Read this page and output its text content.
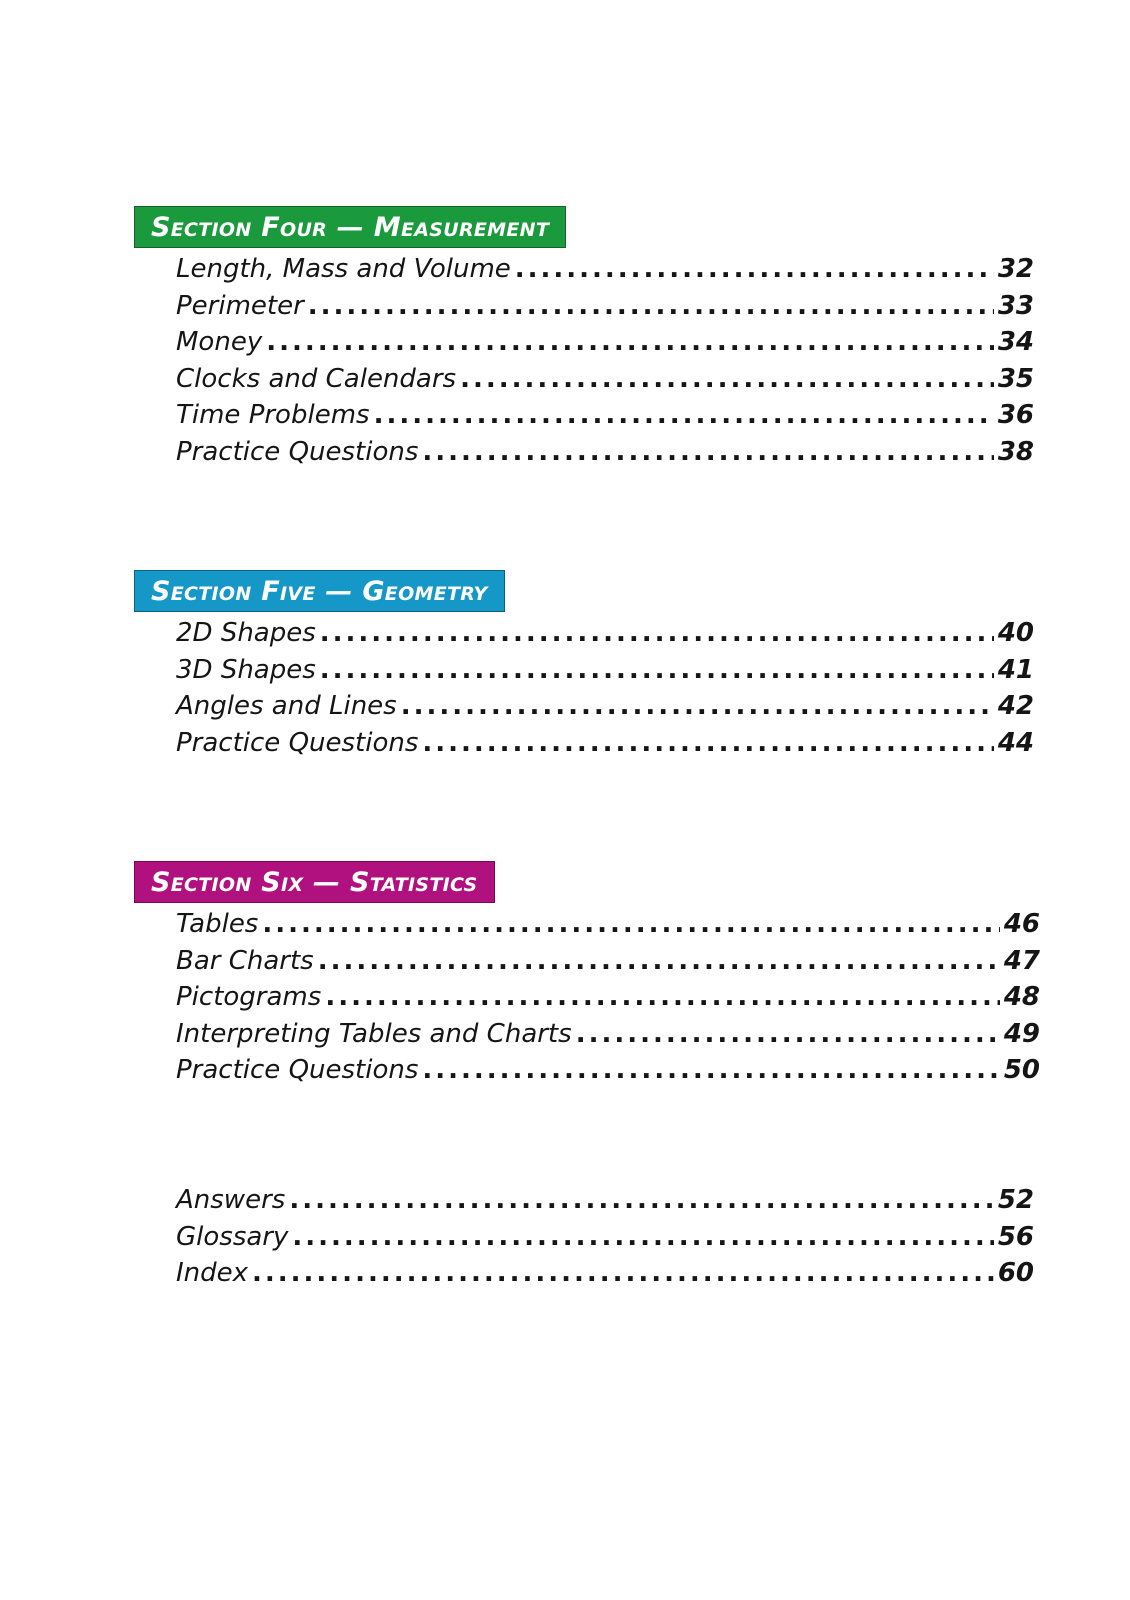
Section Four — Measurement
Length, Mass and Volume .....	32
Perimeter .....	33
Money .....	34
Clocks and Calendars .....	35
Time Problems .....	36
Practice Questions .....	38
Section Five — Geometry
2D Shapes .....	40
3D Shapes .....	41
Angles and Lines .....	42
Practice Questions .....	44
Section Six — Statistics
Tables .....	46
Bar Charts .....	47
Pictograms .....	48
Interpreting Tables and Charts .....	49
Practice Questions .....	50
Answers .....	52
Glossary .....	56
Index .....	60
